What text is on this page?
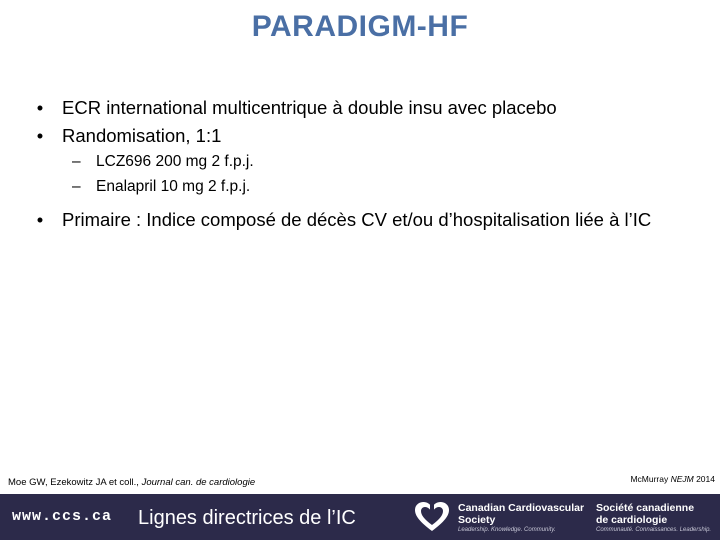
PARADIGM-HF
•	ECR international multicentrique à double insu avec placebo
•	Randomisation, 1:1
– LCZ696 200 mg 2 f.p.j.
– Enalapril 10 mg 2 f.p.j.
•	Primaire : Indice composé de décès CV et/ou d’hospitalisation liée à l’IC
Moe GW, Ezekowitz JA et coll., Journal can. de cardiologie	McMurray NEJM 2014
www.ccs.ca Lignes directrices de l’IC	Canadian Cardiovascular
Society
Leadership. Knowledge. Community.
Société canadienne
de cardiologie
Communauté. Connaissances. Leadership.
